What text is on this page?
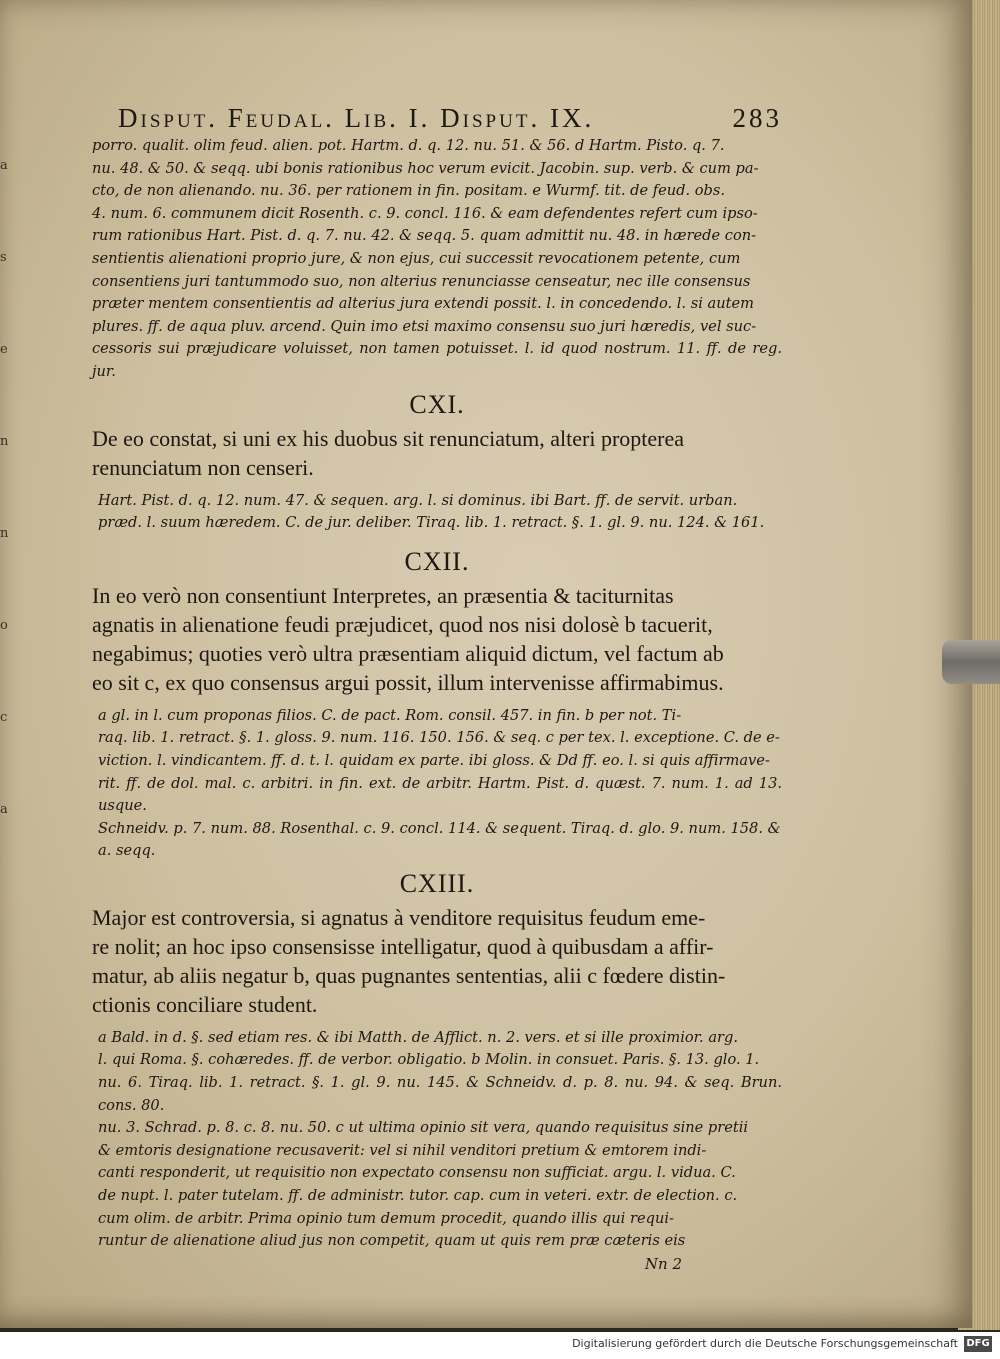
a
s
e
n
n
o
c
a
Disput. Feudal. Lib. I. Disput. IX.	283

porro. qualit. olim feud. alien. pot. Hartm. d. q. 12. nu. 51. & 56. d Hartm. Pisto. q. 7.

nu. 48. & 50. & seqq. ubi bonis rationibus hoc verum evicit. Jacobin. sup. verb. & cum pa-

cto, de non alienando. nu. 36. per rationem in fin. positam. e Wurmf. tit. de feud. obs.

4. num. 6. communem dicit Rosenth. c. 9. concl. 116. & eam defendentes refert cum ipso-

rum rationibus Hart. Pist. d. q. 7. nu. 42. & seqq. 5. quam admittit nu. 48. in hærede con-

sentientis alienationi proprio jure, & non ejus, cui successit revocationem petente, cum

consentiens juri tantummodo suo, non alterius renunciasse censeatur, nec ille consensus

præter mentem consentientis ad alterius jura extendi possit. l. in concedendo. l. si autem

plures. ff. de aqua pluv. arcend. Quin imo etsi maximo consensu suo juri hæredis, vel suc-

cessoris sui præjudicare voluisset, non tamen potuisset. l. id quod nostrum. 11. ff. de reg. jur.

CXI.

De eo constat, si uni ex his duobus sit renunciatum, alteri propterea
renunciatum non censeri.

Hart. Pist. d. q. 12. num. 47. & sequen. arg. l. si dominus. ibi Bart. ff. de servit. urban.

præd. l. suum hæredem. C. de jur. deliber. Tiraq. lib. 1. retract. §. 1. gl. 9. nu. 124. & 161.

CXII.

In eo verò non consentiunt Interpretes, an præsentia & taciturnitas
agnatis in alienatione feudi præjudicet, quod nos nisi dolosè b tacuerit,
negabimus; quoties verò ultra præsentiam aliquid dictum, vel factum ab
eo sit c, ex quo consensus argui possit, illum intervenisse affirmabimus.

a gl. in l. cum proponas filios. C. de pact. Rom. consil. 457. in fin. b per not. Ti-

raq. lib. 1. retract. §. 1. gloss. 9. num. 116. 150. 156. & seq. c per tex. l. exceptione. C. de e-

viction. l. vindicantem. ff. d. t. l. quidam ex parte. ibi gloss. & Dd ff. eo. l. si quis affirmave-

rit. ff. de dol. mal. c. arbitri. in fin. ext. de arbitr. Hartm. Pist. d. quæst. 7. num. 1. ad 13. usque.

Schneidv. p. 7. num. 88. Rosenthal. c. 9. concl. 114. & sequent. Tiraq. d. glo. 9. num. 158. &

a. seqq.

CXIII.

Major est controversia, si agnatus à venditore requisitus feudum eme-
re nolit; an hoc ipso consensisse intelligatur, quod à quibusdam a affir-
matur, ab aliis negatur b, quas pugnantes sententias, alii c fœdere distin-
ctionis conciliare student.

a Bald. in d. §. sed etiam res. & ibi Matth. de Afflict. n. 2. vers. et si ille proximior. arg.

l. qui Roma. §. cohæredes. ff. de verbor. obligatio. b Molin. in consuet. Paris. §. 13. glo. 1.

nu. 6. Tiraq. lib. 1. retract. §. 1. gl. 9. nu. 145. & Schneidv. d. p. 8. nu. 94. & seq. Brun. cons. 80.

nu. 3. Schrad. p. 8. c. 8. nu. 50. c ut ultima opinio sit vera, quando requisitus sine pretii

& emtoris designatione recusaverit: vel si nihil venditori pretium & emtorem indi-

canti responderit, ut requisitio non expectato consensu non sufficiat. argu. l. vidua. C.

de nupt. l. pater tutelam. ff. de administr. tutor. cap. cum in veteri. extr. de election. c.

cum olim. de arbitr. Prima opinio tum demum procedit, quando illis qui requi-

runtur de alienatione aliud jus non competit, quam ut quis rem præ cæteris eis

Nn 2
Digitalisierung gefördert durch die Deutsche Forschungsgemeinschaft DFG
